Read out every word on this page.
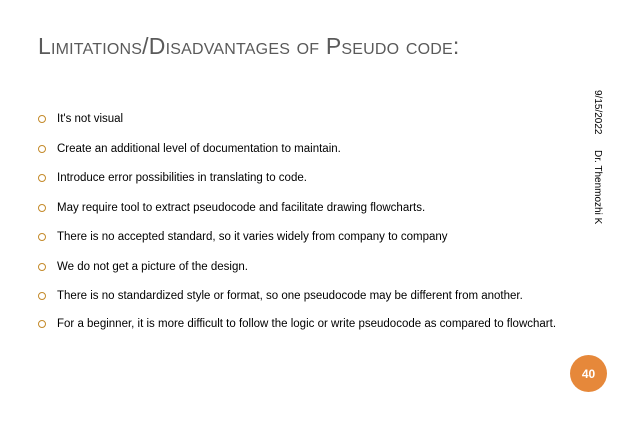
Limitations/Disadvantages of Pseudo code:
It's not visual
Create an additional level of documentation to maintain.
Introduce error possibilities in translating to code.
May require tool to extract pseudocode and facilitate drawing flowcharts.
There is no accepted standard, so it varies widely from company to company
We do not get a picture of the design.
There is no standardized style or format, so one pseudocode may be different from another.
For a beginner, it is more difficult to follow the logic or write pseudocode as compared to flowchart.
9/15/2022
Dr. Thenmozhi K
40
